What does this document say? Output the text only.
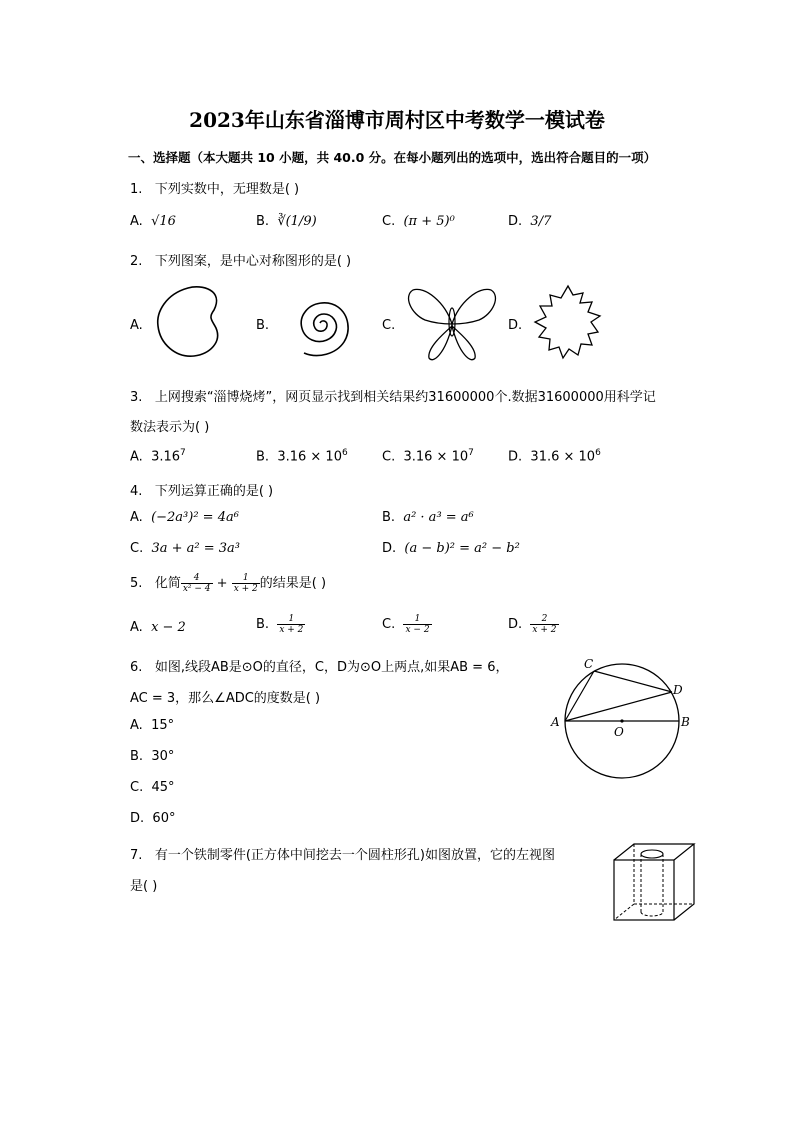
2023年山东省淄博市周村区中考数学一模试卷
一、选择题（本大题共 10 小题，共 40.0 分。在每小题列出的选项中，选出符合题目的一项）
1. 下列实数中，无理数是( )
A. √16	B. ∛(1/9)	C. (π + 5)⁰	D. 3/7
2. 下列图案，是中心对称图形的是( )
A.	B.	C.	D.
3. 上网搜索“淄博烧烤”，网页显示找到相关结果约31600000个.数据31600000用科学记
数法表示为( )
A. 3.16$^7$	B. $3.16 \times 10^6$	C. $3.16 \times 10^7$	D. $31.6 \times 10^6$
4. 下列运算正确的是( )
A. (−2a³)² = 4a⁶	B. a² · a³ = a⁶
C. 3a + a² = 3a³	D. (a − b)² = a² − b²
5. 化简 $\frac{4}{\text{x² − 4}} + \frac{1}{x + 2}$ 的结果是( )
A. x − 2	B. $\frac{1}{x + 2}$	C. $\frac{1}{x - 2}$	D. $\frac{2}{x + 2}$
6. 如图,线段AB是⊙O的直径，C，D为⊙O上两点,如果AB = 6，
AC = 3，那么∠ADC的度数是( )
A. 15°
B. 30°
C. 45°
D. 60°
A	B
C
D
O
7. 有一个铁制零件(正方体中间挖去一个圆柱形孔)如图放置，它的左视图
是( )
